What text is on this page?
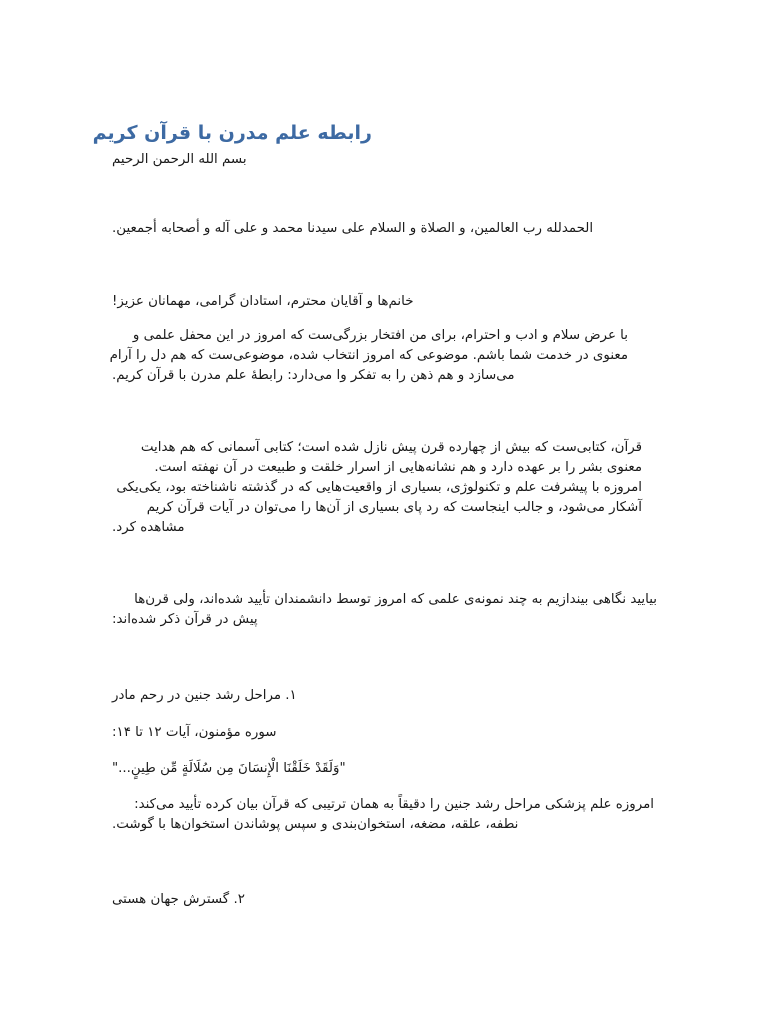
رابطه علم مدرن با قرآن کریم

بسم الله الرحمن الرحیم

الحمدلله رب العالمین، و الصلاة و السلام علی سیدنا محمد و علی آله و أصحابه أجمعین.

خانم‌ها و آقایان محترم، استادان گرامی، مهمانان عزیز!

با عرض سلام و ادب و احترام، برای من افتخار بزرگی‌ست که امروز در این محفل علمی و
معنوی در خدمت شما باشم. موضوعی که امروز انتخاب شده، موضوعی‌ست که هم دل را آرام
می‌سازد و هم ذهن را به تفکر وا می‌دارد: رابطهٔ علم مدرن با قرآن کریم.

قرآن، کتابی‌ست که بیش از چهارده قرن پیش نازل شده است؛ کتابی آسمانی که هم هدایت
معنوی بشر را بر عهده دارد و هم نشانه‌هایی از اسرار خلقت و طبیعت در آن نهفته است.
امروزه با پیشرفت علم و تکنولوژی، بسیاری از واقعیت‌هایی که در گذشته ناشناخته بود، یکی‌یکی
آشکار می‌شود، و جالب اینجاست که رد پای بسیاری از آن‌ها را می‌توان در آیات قرآن کریم
مشاهده کرد.

بیایید نگاهی بیندازیم به چند نمونه‌ی علمی که امروز توسط دانشمندان تأیید شده‌اند، ولی قرن‌ها
پیش در قرآن ذکر شده‌اند:

۱. مراحل رشد جنین در رحم مادر

سوره مؤمنون، آیات ۱۲ تا ۱۴:

"وَلَقَدْ خَلَقْنَا الْإِنسَانَ مِن سُلَالَةٍ مِّن طِينٍ..."

امروزه علم پزشکی مراحل رشد جنین را دقیقاً به همان ترتیبی که قرآن بیان کرده تأیید می‌کند:
نطفه، علقه، مضغه، استخوان‌بندی و سپس پوشاندن استخوان‌ها با گوشت.

۲. گسترش جهان هستی
